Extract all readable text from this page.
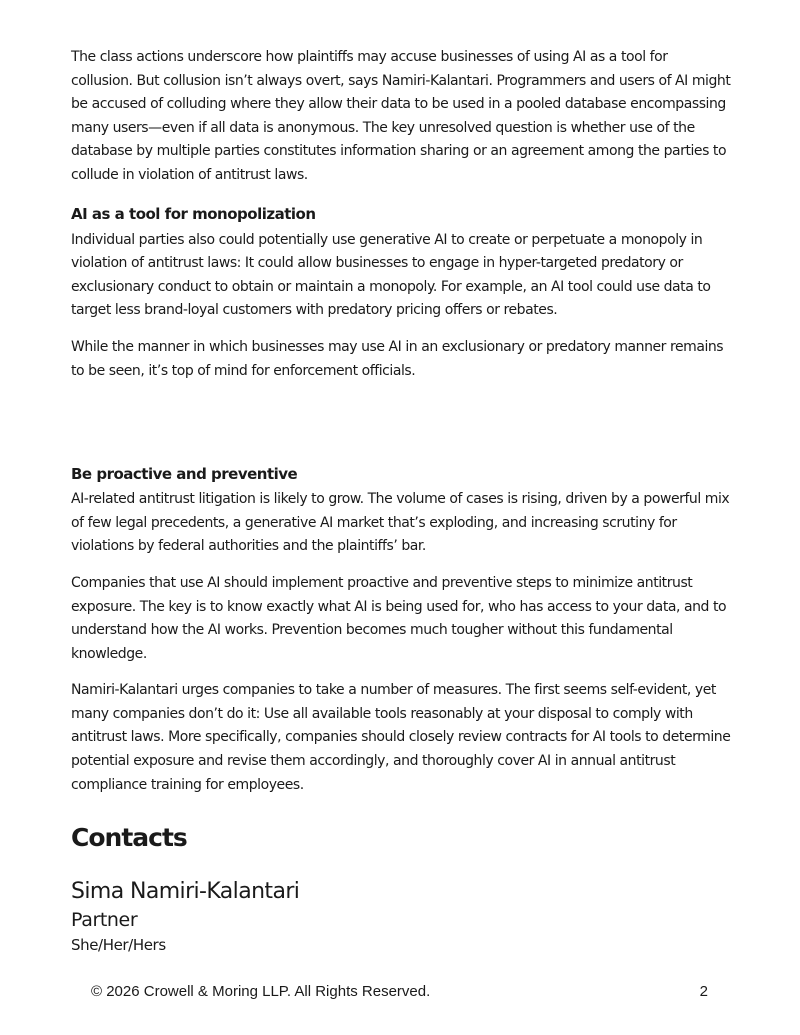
The class actions underscore how plaintiffs may accuse businesses of using AI as a tool for collusion. But collusion isn’t always overt, says Namiri-Kalantari. Programmers and users of AI might be accused of colluding where they allow their data to be used in a pooled database encompassing many users—even if all data is anonymous. The key unresolved question is whether use of the database by multiple parties constitutes information sharing or an agreement among the parties to collude in violation of antitrust laws.

AI as a tool for monopolization

Individual parties also could potentially use generative AI to create or perpetuate a monopoly in violation of antitrust laws: It could allow businesses to engage in hyper-targeted predatory or exclusionary conduct to obtain or maintain a monopoly. For example, an AI tool could use data to target less brand-loyal customers with predatory pricing offers or rebates.

While the manner in which businesses may use AI in an exclusionary or predatory manner remains to be seen, it’s top of mind for enforcement officials.

Be proactive and preventive

AI-related antitrust litigation is likely to grow. The volume of cases is rising, driven by a powerful mix of few legal precedents, a generative AI market that’s exploding, and increasing scrutiny for violations by federal authorities and the plaintiffs’ bar.

Companies that use AI should implement proactive and preventive steps to minimize antitrust exposure. The key is to know exactly what AI is being used for, who has access to your data, and to understand how the AI works. Prevention becomes much tougher without this fundamental knowledge.

Namiri-Kalantari urges companies to take a number of measures. The first seems self-evident, yet many companies don’t do it: Use all available tools reasonably at your disposal to comply with antitrust laws. More specifically, companies should closely review contracts for AI tools to determine potential exposure and revise them accordingly, and thoroughly cover AI in annual antitrust compliance training for employees.

Contacts
Sima Namiri-Kalantari
Partner
She/Her/Hers
© 2026 Crowell & Moring LLP. All Rights Reserved.	2
